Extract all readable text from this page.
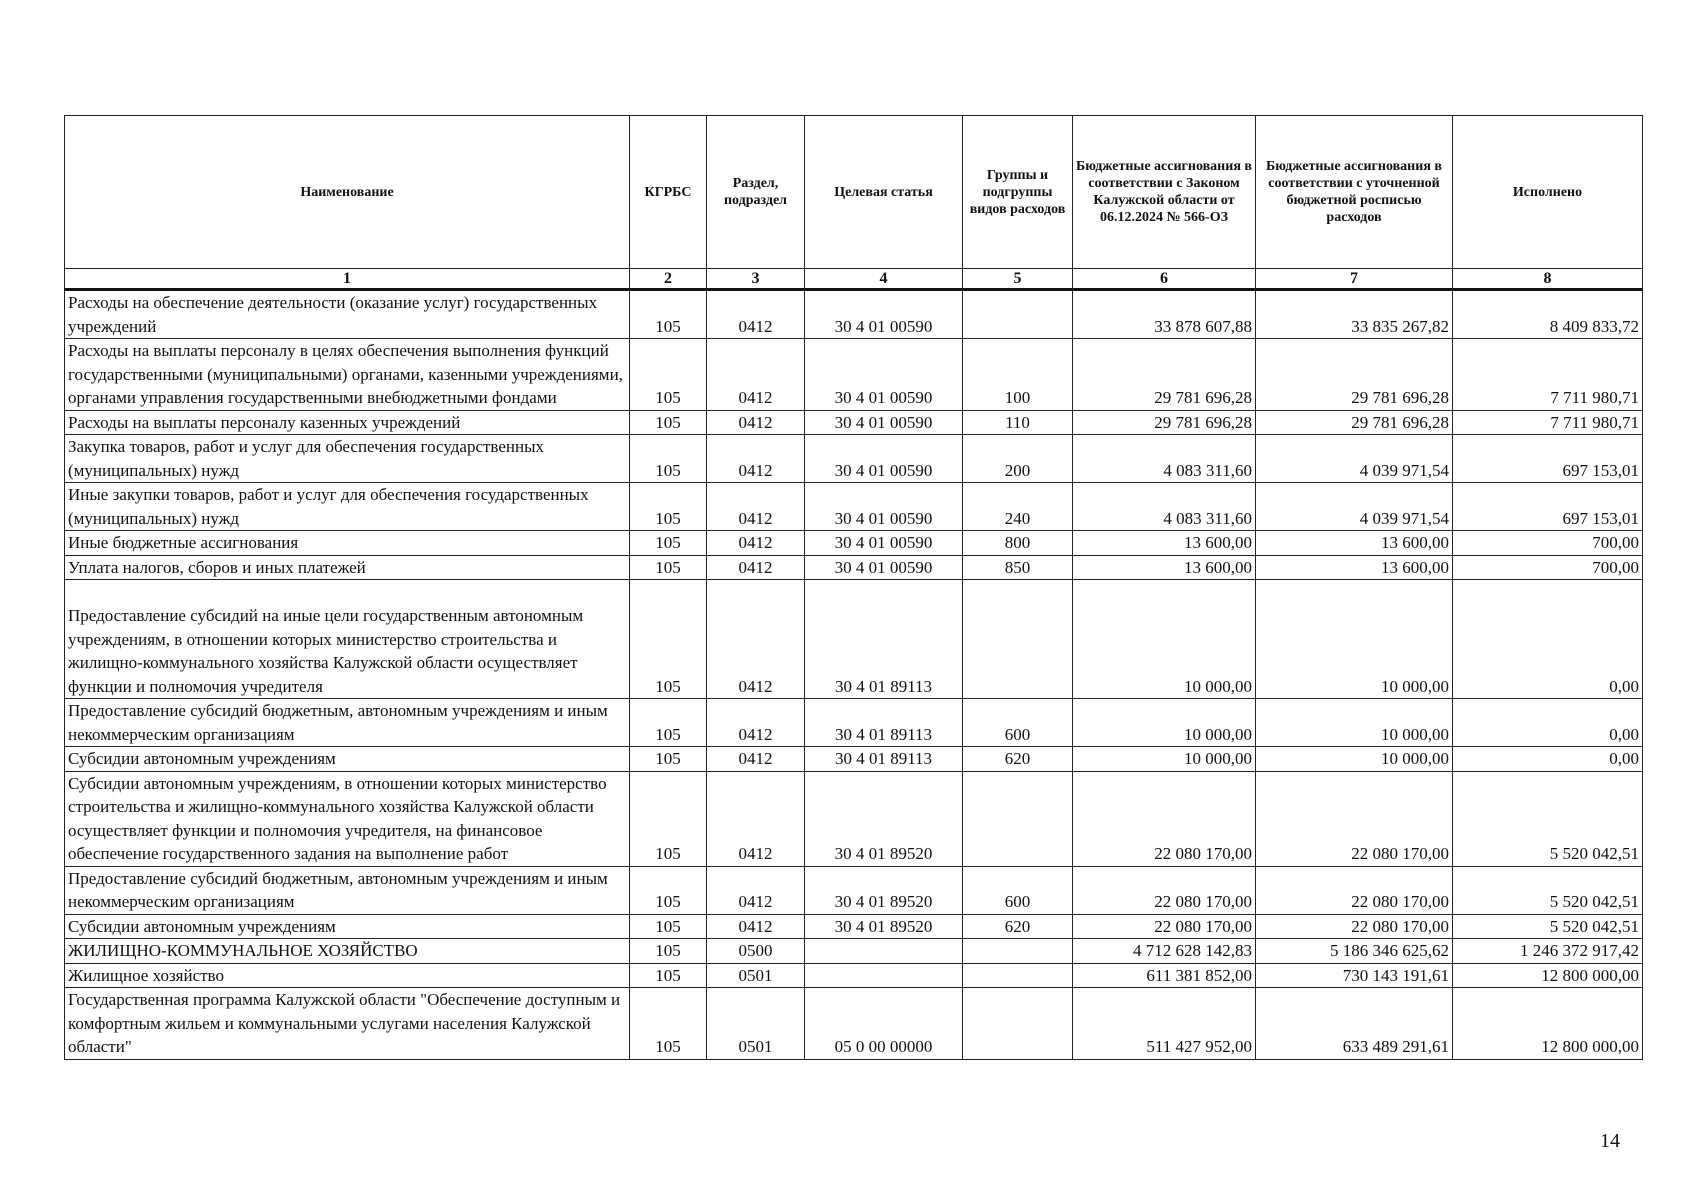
Наименование	КГРБС	Раздел, подраздел	Целевая статья	Группы и подгруппы видов расходов	Бюджетные ассигнования в соответствии с Законом Калужской области от 06.12.2024 № 566-ОЗ	Бюджетные ассигнования в соответствии с уточненной бюджетной росписью расходов	Исполнено
1	2	3	4	5	6	7	8
Расходы на обеспечение деятельности (оказание услуг) государственных учреждений	105	0412	30 4 01 00590		33 878 607,88	33 835 267,82	8 409 833,72
Расходы на выплаты персоналу в целях обеспечения выполнения функций государственными (муниципальными) органами, казенными учреждениями, органами управления государственными внебюджетными фондами	105	0412	30 4 01 00590	100	29 781 696,28	29 781 696,28	7 711 980,71
Расходы на выплаты персоналу казенных учреждений	105	0412	30 4 01 00590	110	29 781 696,28	29 781 696,28	7 711 980,71
Закупка товаров, работ и услуг для обеспечения государственных (муниципальных) нужд	105	0412	30 4 01 00590	200	4 083 311,60	4 039 971,54	697 153,01
Иные закупки товаров, работ и услуг для обеспечения государственных (муниципальных) нужд	105	0412	30 4 01 00590	240	4 083 311,60	4 039 971,54	697 153,01
Иные бюджетные ассигнования	105	0412	30 4 01 00590	800	13 600,00	13 600,00	700,00
Уплата налогов, сборов и иных платежей	105	0412	30 4 01 00590	850	13 600,00	13 600,00	700,00
Предоставление субсидий на иные цели государственным автономным учреждениям, в отношении которых министерство строительства и жилищно-коммунального хозяйства Калужской области осуществляет функции и полномочия учредителя	105	0412	30 4 01 89113		10 000,00	10 000,00	0,00
Предоставление субсидий бюджетным, автономным учреждениям и иным некоммерческим организациям	105	0412	30 4 01 89113	600	10 000,00	10 000,00	0,00
Субсидии автономным учреждениям	105	0412	30 4 01 89113	620	10 000,00	10 000,00	0,00
Субсидии автономным учреждениям, в отношении которых министерство строительства и жилищно-коммунального хозяйства Калужской области осуществляет функции и полномочия учредителя, на финансовое обеспечение государственного задания на выполнение работ	105	0412	30 4 01 89520		22 080 170,00	22 080 170,00	5 520 042,51
Предоставление субсидий бюджетным, автономным учреждениям и иным некоммерческим организациям	105	0412	30 4 01 89520	600	22 080 170,00	22 080 170,00	5 520 042,51
Субсидии автономным учреждениям	105	0412	30 4 01 89520	620	22 080 170,00	22 080 170,00	5 520 042,51
ЖИЛИЩНО-КОММУНАЛЬНОЕ ХОЗЯЙСТВО	105	0500			4 712 628 142,83	5 186 346 625,62	1 246 372 917,42
Жилищное хозяйство	105	0501			611 381 852,00	730 143 191,61	12 800 000,00
Государственная программа Калужской области "Обеспечение доступным и комфортным жильем и коммунальными услугами населения Калужской области"	105	0501	05 0 00 00000		511 427 952,00	633 489 291,61	12 800 000,00
14
